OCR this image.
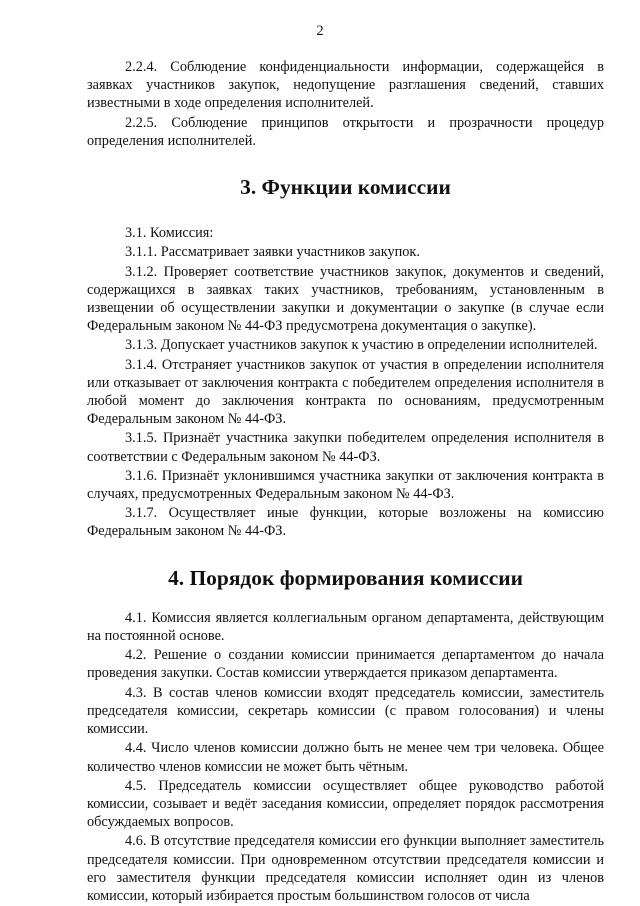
2

2.2.4. Соблюдение конфиденциальности информации, содержащейся в заявках участников закупок, недопущение разглашения сведений, ставших известными в ходе определения исполнителей.

2.2.5. Соблюдение принципов открытости и прозрачности процедур определения исполнителей.

3. Функции комиссии

3.1. Комиссия:

3.1.1. Рассматривает заявки участников закупок.

3.1.2. Проверяет соответствие участников закупок, документов и сведений, содержащихся в заявках таких участников, требованиям, установленным в извещении об осуществлении закупки и документации о закупке (в случае если Федеральным законом № 44-ФЗ предусмотрена документация о закупке).

3.1.3. Допускает участников закупок к участию в определении исполнителей.

3.1.4. Отстраняет участников закупок от участия в определении исполнителя или отказывает от заключения контракта с победителем определения исполнителя в любой момент до заключения контракта по основаниям, предусмотренным Федеральным законом № 44-ФЗ.

3.1.5. Признаёт участника закупки победителем определения исполнителя в соответствии с Федеральным законом № 44-ФЗ.

3.1.6. Признаёт уклонившимся участника закупки от заключения контракта в случаях, предусмотренных Федеральным законом № 44-ФЗ.

3.1.7. Осуществляет иные функции, которые возложены на комиссию Федеральным законом № 44-ФЗ.

4. Порядок формирования комиссии

4.1. Комиссия является коллегиальным органом департамента, действующим на постоянной основе.

4.2. Решение о создании комиссии принимается департаментом до начала проведения закупки. Состав комиссии утверждается приказом департамента.

4.3. В состав членов комиссии входят председатель комиссии, заместитель председателя комиссии, секретарь комиссии (с правом голосования) и члены комиссии.

4.4. Число членов комиссии должно быть не менее чем три человека. Общее количество членов комиссии не может быть чётным.

4.5. Председатель комиссии осуществляет общее руководство работой комиссии, созывает и ведёт заседания комиссии, определяет порядок рассмотрения обсуждаемых вопросов.

4.6. В отсутствие председателя комиссии его функции выполняет заместитель председателя комиссии. При одновременном отсутствии председателя комиссии и его заместителя функции председателя комиссии исполняет один из членов комиссии, который избирается простым большинством голосов от числа
